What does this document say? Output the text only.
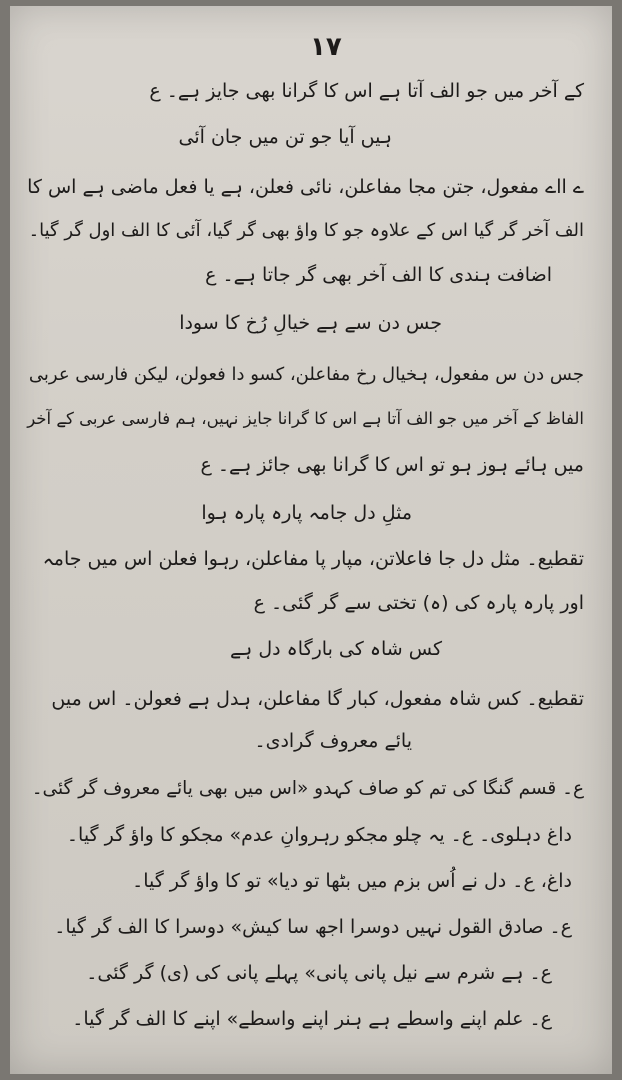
١٧
کے آخر میں جو الف آتا ہے اس کا گرانا بھی جایز ہے۔ ع
ہیں آیا جو تن میں جان آئی
ے ااے مفعول، جتن مجا مفاعلن، نائی فعلن، ہے یا فعل ماضی ہے اس کا
الف آخر گر گیا اس کے علاوہ جو کا واؤ بھی گر گیا، آئی کا الف اول گر گیا۔
اضافت ہندی کا الف آخر بھی گر جاتا ہے۔ ع
جس دن سے ہے خیالِ رُخ کا سودا
جس دن س مفعول، ہخیال رخ مفاعلن، کسو دا فعولن، لیکن فارسی عربی
الفاظ کے آخر میں جو الف آتا ہے اس کا گرانا جایز نہیں، ہم فارسی عربی کے آخر
میں ہائے ہوز ہو تو اس کا گرانا بھی جائز ہے۔ ع
مثلِ دل جامہ پارہ پارہ ہوا
تقطیع۔ مثل دل جا فاعلاتن، مپار پا مفاعلن، رہوا فعلن اس میں جامہ
اور پارہ پارہ کی (ہ) تختی سے گر گئی۔ ع
کس شاہ کی بارگاہ دل ہے
تقطیع۔ کس شاہ مفعول، کبار گا مفاعلن، ہدل ہے فعولن۔ اس میں
یائے معروف گرادی۔
ع۔ قسم گنگا کی تم کو صاف کہدو «اس میں بھی یائے معروف گر گئی۔
داغ دہلوی۔ ع۔ یہ چلو مجکو رہروانِ عدم» مجکو کا واؤ گر گیا۔
داغ، ع۔ دل نے اُس بزم میں بٹھا تو دیا» تو کا واؤ گر گیا۔
ع۔ صادق القول نہیں دوسرا اجھ سا کیش» دوسرا کا الف گر گیا۔
ع۔ ہے شرم سے نیل پانی پانی» پہلے پانی کی (ی) گر گئی۔
ع۔ علم اپنے واسطے ہے ہنر اپنے واسطے» اپنے کا الف گر گیا۔
